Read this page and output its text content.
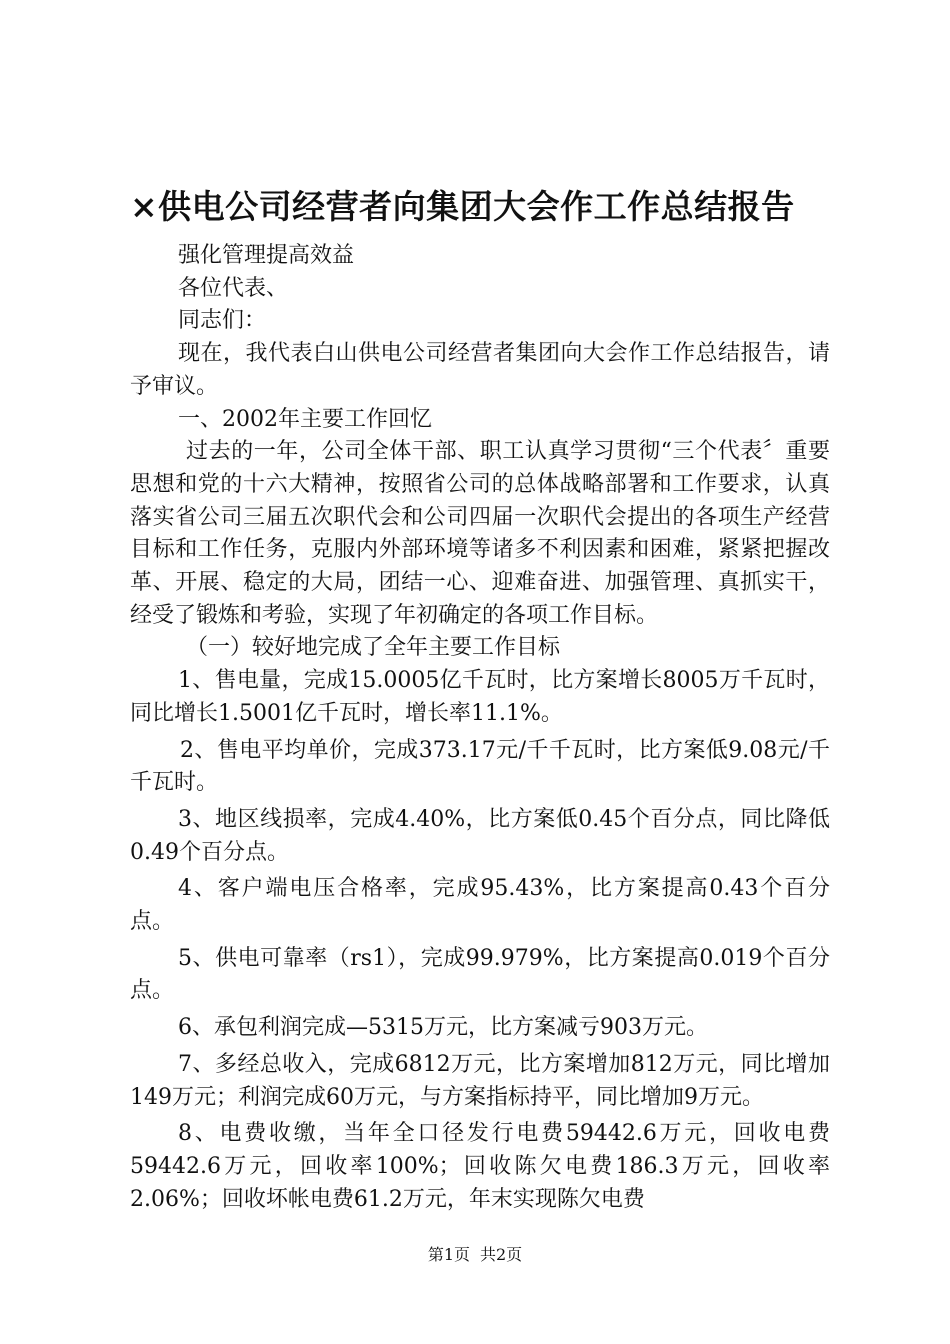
×供电公司经营者向集团大会作工作总结报告

强化管理提高效益

各位代表、

同志们：

现在，我代表白山供电公司经营者集团向大会作工作总结报告，请予审议。

一、2002年主要工作回忆

过去的一年，公司全体干部、职工认真学习贯彻“三个代表〞重要思想和党的十六大精神，按照省公司的总体战略部署和工作要求，认真落实省公司三届五次职代会和公司四届一次职代会提出的各项生产经营目标和工作任务，克服内外部环境等诸多不利因素和困难，紧紧把握改革、开展、稳定的大局，团结一心、迎难奋进、加强管理、真抓实干，经受了锻炼和考验，实现了年初确定的各项工作目标。

（一）较好地完成了全年主要工作目标

1、售电量，完成15.0005亿千瓦时，比方案增长8005万千瓦时，同比增长1.5001亿千瓦时，增长率11.1%。

2、售电平均单价，完成373.17元/千千瓦时，比方案低9.08元/千千瓦时。

3、地区线损率，完成4.40%，比方案低0.45个百分点，同比降低0.49个百分点。

4、客户端电压合格率，完成95.43%，比方案提高0.43个百分点。

5、供电可靠率（rs1），完成99.979%，比方案提高0.019个百分点。

6、承包利润完成—5315万元，比方案减亏903万元。

7、多经总收入，完成6812万元，比方案增加812万元，同比增加149万元；利润完成60万元，与方案指标持平，同比增加9万元。

8、电费收缴，当年全口径发行电费59442.6万元，回收电费59442.6万元，回收率100%；回收陈欠电费186.3万元，回收率2.06%；回收坏帐电费61.2万元，年末实现陈欠电费

第1页 共2页
